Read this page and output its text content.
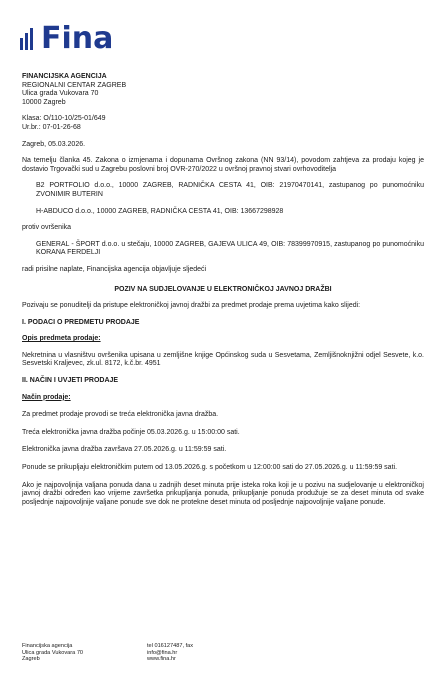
Fina

FINANCIJSKA AGENCIJA

REGIONALNI CENTAR ZAGREB

Ulica grada Vukovara 70

10000 Zagreb

Klasa: O/110-10/25-01/649

Ur.br.: 07-01-26-68

Zagreb, 05.03.2026.

Na temelju članka 45. Zakona o izmjenama i dopunama Ovršnog zakona (NN 93/14), povodom zahtjeva za prodaju kojeg je dostavio Trgovački sud u Zagrebu poslovni broj OVR-270/2022 u ovršnoj pravnoj stvari ovrhovoditelja

B2 PORTFOLIO d.o.o., 10000 ZAGREB, RADNIČKA CESTA 41, OIB: 21970470141, zastupanog po punomoćniku ZVONIMIR BUTERIN

H-ABDUCO d.o.o., 10000 ZAGREB, RADNIČKA CESTA 41, OIB: 13667298928

protiv ovršenika

GENERAL - ŠPORT d.o.o. u stečaju, 10000 ZAGREB, GAJEVA ULICA 49, OIB: 78399970915, zastupanog po punomoćniku KORANA FERDELJI

radi prisilne naplate, Financijska agencija objavljuje sljedeći

POZIV NA SUDJELOVANJE U ELEKTRONIČKOJ JAVNOJ DRAŽBI

Pozivaju se ponuditelji da pristupe elektroničkoj javnoj dražbi za predmet prodaje prema uvjetima kako slijedi:

I. PODACI O PREDMETU PRODAJE

Opis predmeta prodaje:

Nekretnina u vlasništvu ovršenika upisana u zemljišne knjige Općinskog suda u Sesvetama, Zemljišnoknjižni odjel Sesvete, k.o. Sesvetski Kraljevec, zk.ul. 8172, k.č.br. 4951

II. NAČIN I UVJETI PRODAJE

Način prodaje:

Za predmet prodaje provodi se treća elektronička javna dražba.

Treća elektronička javna dražba počinje 05.03.2026.g. u 15:00:00 sati.

Elektronička javna dražba završava 27.05.2026.g. u 11:59:59 sati.

Ponude se prikupljaju elektroničkim putem od 13.05.2026.g. s početkom u 12:00:00 sati do 27.05.2026.g. u 11:59:59 sati.

Ako je najpovoljnija valjana ponuda dana u zadnjih deset minuta prije isteka roka koji je u pozivu na sudjelovanje u elektroničkoj javnoj dražbi određen kao vrijeme završetka prikupljanja ponuda, prikupljanje ponuda produžuje se za deset minuta od svake posljednje najpovoljnije valjane ponude sve dok ne protekne deset minuta od posljednje najpovoljnije valjane ponude.

Financijska agencija
Ulica grada Vukovara 70
Zagreb
tel 016127487, fax
info@fina.hr
www.fina.hr
